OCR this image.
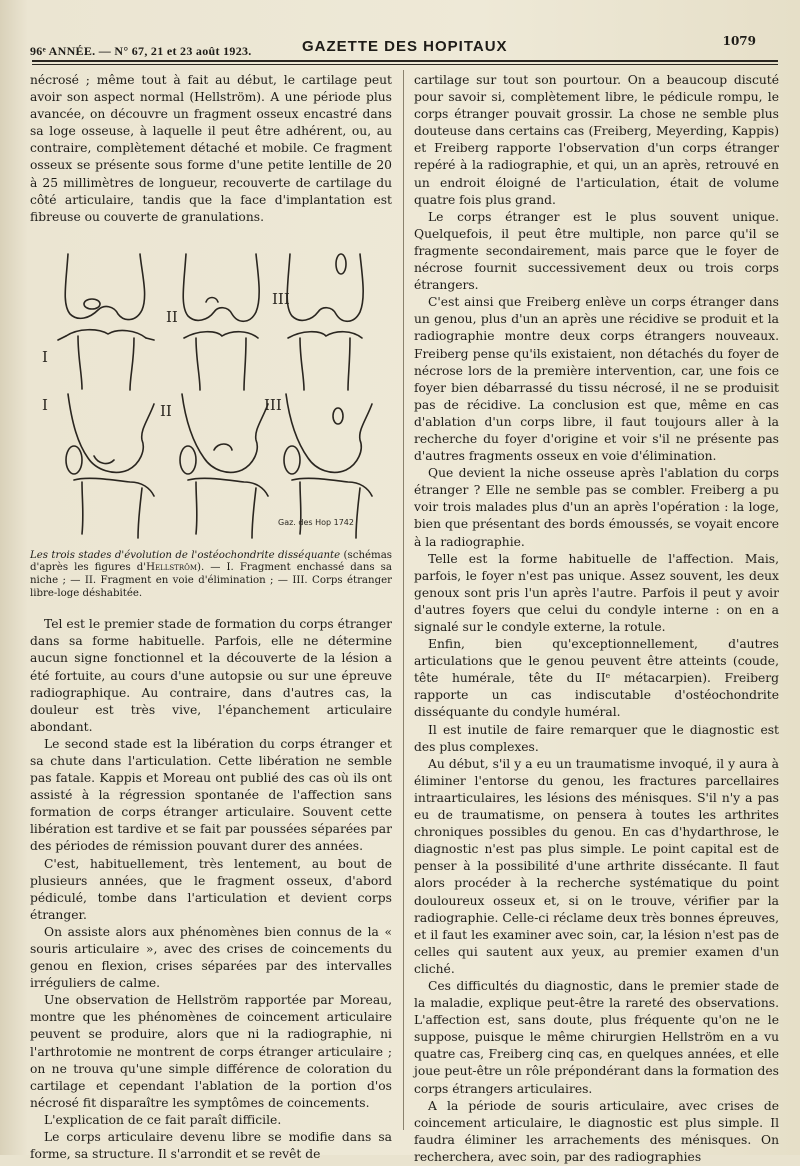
96ᵉ ANNÉE. — N° 67, 21 et 23 août 1923.	GAZETTE DES HOPITAUX	1079

nécrosé ; même tout à fait au début, le cartilage peut avoir son aspect normal (Hellström). A une période plus avancée, on découvre un fragment osseux encastré dans sa loge osseuse, à laquelle il peut être adhérent, ou, au contraire, complètement détaché et mobile. Ce fragment osseux se présente sous forme d'une petite lentille de 20 à 25 millimètres de longueur, recouverte de cartilage du côté articulaire, tandis que la face d'implantation est fibreuse ou couverte de granulations.

I
II
III
I	II	III
Gaz. des Hop 1742
Les trois stades d'évolution de l'ostéochondrite disséquante (schémas d'après les figures d'Hellström). — I. Fragment enchassé dans sa niche ; — II. Fragment en voie d'élimination ; — III. Corps étranger libre-loge déshabitée.

Tel est le premier stade de formation du corps étranger dans sa forme habituelle. Parfois, elle ne détermine aucun signe fonctionnel et la découverte de la lésion a été fortuite, au cours d'une autopsie ou sur une épreuve radiographique. Au contraire, dans d'autres cas, la douleur est très vive, l'épanchement articulaire abondant.

Le second stade est la libération du corps étranger et sa chute dans l'articulation. Cette libération ne semble pas fatale. Kappis et Moreau ont publié des cas où ils ont assisté à la régression spontanée de l'affection sans formation de corps étranger articulaire. Souvent cette libération est tardive et se fait par poussées séparées par des périodes de rémission pouvant durer des années.

C'est, habituellement, très lentement, au bout de plusieurs années, que le fragment osseux, d'abord pédiculé, tombe dans l'articulation et devient corps étranger.

On assiste alors aux phénomènes bien connus de la « souris articulaire », avec des crises de coincements du genou en flexion, crises séparées par des intervalles irréguliers de calme.

Une observation de Hellström rapportée par Moreau, montre que les phénomènes de coincement articulaire peuvent se produire, alors que ni la radiographie, ni l'arthrotomie ne montrent de corps étranger articulaire ; on ne trouva qu'une simple différence de coloration du cartilage et cependant l'ablation de la portion d'os nécrosé fit disparaître les symptômes de coincements.

L'explication de ce fait paraît difficile.

Le corps articulaire devenu libre se modifie dans sa forme, sa structure. Il s'arrondit et se revêt de

cartilage sur tout son pourtour. On a beaucoup discuté pour savoir si, complètement libre, le pédicule rompu, le corps étranger pouvait grossir. La chose ne semble plus douteuse dans certains cas (Freiberg, Meyerding, Kappis) et Freiberg rapporte l'observation d'un corps étranger repéré à la radiographie, et qui, un an après, retrouvé en un endroit éloigné de l'articulation, était de volume quatre fois plus grand.

Le corps étranger est le plus souvent unique. Quelquefois, il peut être multiple, non parce qu'il se fragmente secondairement, mais parce que le foyer de nécrose fournit successivement deux ou trois corps étrangers.

C'est ainsi que Freiberg enlève un corps étranger dans un genou, plus d'un an après une récidive se produit et la radiographie montre deux corps étrangers nouveaux. Freiberg pense qu'ils existaient, non détachés du foyer de nécrose lors de la première intervention, car, une fois ce foyer bien débarrassé du tissu nécrosé, il ne se produisit pas de récidive. La conclusion est que, même en cas d'ablation d'un corps libre, il faut toujours aller à la recherche du foyer d'origine et voir s'il ne présente pas d'autres fragments osseux en voie d'élimination.

Que devient la niche osseuse après l'ablation du corps étranger ? Elle ne semble pas se combler. Freiberg a pu voir trois malades plus d'un an après l'opération : la loge, bien que présentant des bords émoussés, se voyait encore à la radiographie.

Telle est la forme habituelle de l'affection. Mais, parfois, le foyer n'est pas unique. Assez souvent, les deux genoux sont pris l'un après l'autre. Parfois il peut y avoir d'autres foyers que celui du condyle interne : on en a signalé sur le condyle externe, la rotule.

Enfin, bien qu'exceptionnellement, d'autres articulations que le genou peuvent être atteints (coude, tête humérale, tête du IIᵉ métacarpien). Freiberg rapporte un cas indiscutable d'ostéochondrite disséquante du condyle huméral.

Il est inutile de faire remarquer que le diagnostic est des plus complexes.

Au début, s'il y a eu un traumatisme invoqué, il y aura à éliminer l'entorse du genou, les fractures parcellaires intraarticulaires, les lésions des ménisques. S'il n'y a pas eu de traumatisme, on pensera à toutes les arthrites chroniques possibles du genou. En cas d'hydarthrose, le diagnostic n'est pas plus simple. Le point capital est de penser à la possibilité d'une arthrite dissécante. Il faut alors procéder à la recherche systématique du point douloureux osseux et, si on le trouve, vérifier par la radiographie. Celle-ci réclame deux très bonnes épreuves, et il faut les examiner avec soin, car, la lésion n'est pas de celles qui sautent aux yeux, au premier examen d'un cliché.

Ces difficultés du diagnostic, dans le premier stade de la maladie, explique peut-être la rareté des observations. L'affection est, sans doute, plus fréquente qu'on ne le suppose, puisque le même chirurgien Hellström en a vu quatre cas, Freiberg cinq cas, en quelques années, et elle joue peut-être un rôle prépondérant dans la formation des corps étrangers articulaires.

A la période de souris articulaire, avec crises de coincement articulaire, le diagnostic est plus simple. Il faudra éliminer les arrachements des ménisques. On recherchera, avec soin, par des radiographies
